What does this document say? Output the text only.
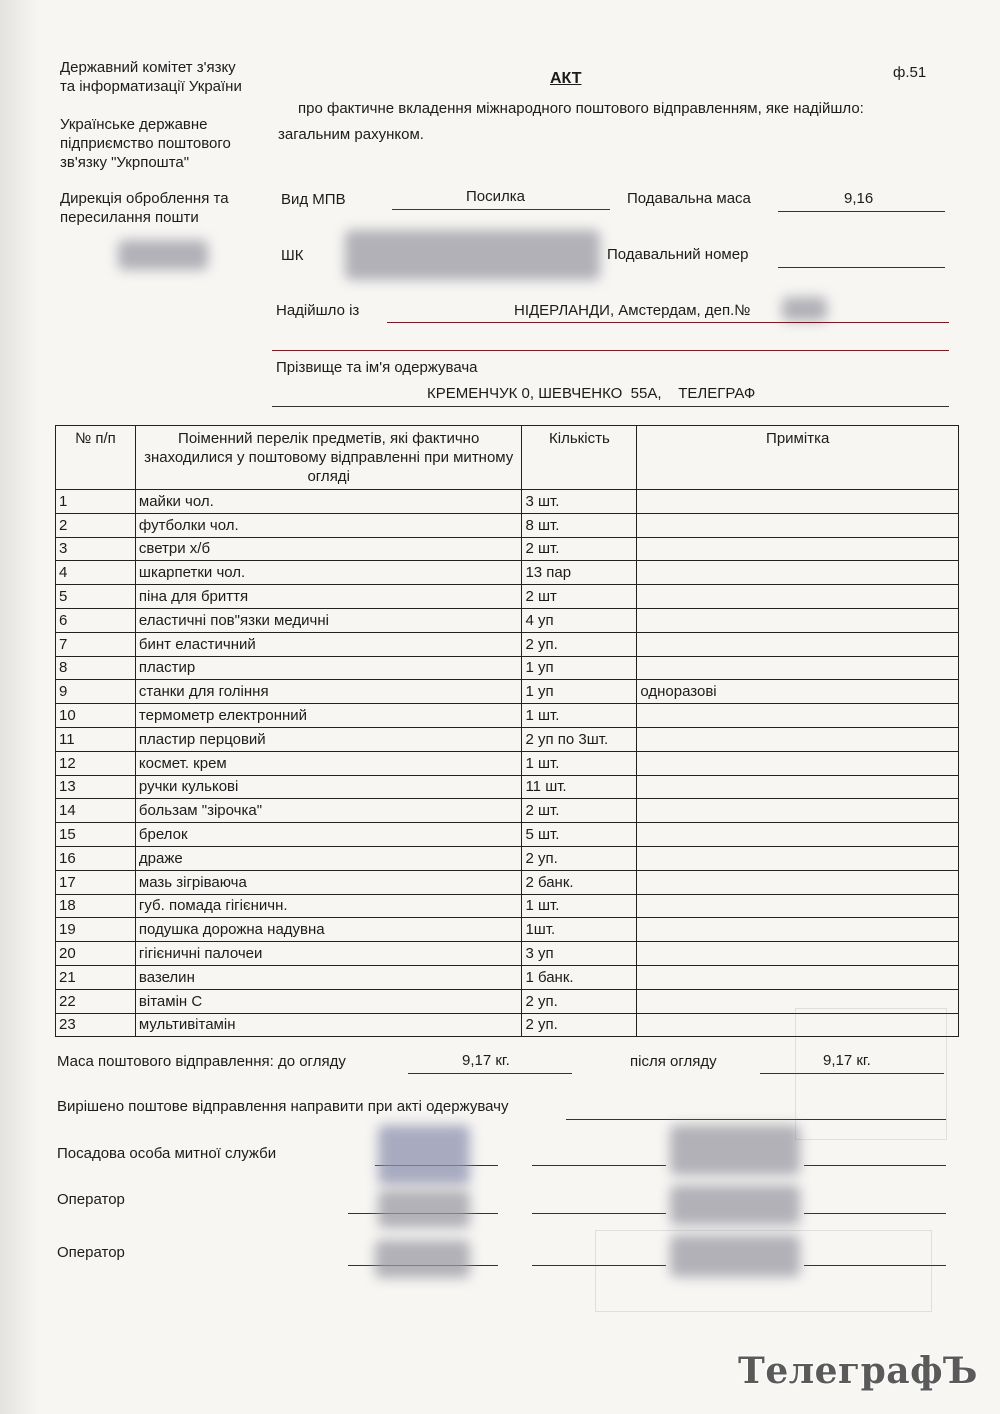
Державний комітет з'язку
та інформатизації України
Українське державне
підприємство поштового
зв'язку "Укрпошта"
Дирекція оброблення та
пересилання пошти
АКТ	ф.51
про фактичне вкладення міжнародного поштового відправленням, яке надійшло:
загальним рахунком.
Вид МПВ	Посилка	Подавальна маса	9,16
ШК	Подавальний номер
Надійшло із	НІДЕРЛАНДИ, Амстердам, деп.№
Прізвище та ім'я одержувача
КРЕМЕНЧУК 0, ШЕВЧЕНКО  55А,    ТЕЛЕГРАФ
№ п/п	Поіменний перелік предметів, які фактично знаходилися у поштовому відправленні при митному огляді	Кількість	Примітка
1	майки чол.	3 шт.	
2	футболки чол.	8 шт.	
3	светри х/б	2 шт.	
4	шкарпетки чол.	13 пар	
5	піна для бриття	2 шт	
6	еластичні пов"язки медичні	4 уп	
7	бинт еластичний	2 уп.	
8	пластир	1 уп	
9	станки для гоління	1 уп	одноразові
10	термометр електронний	1 шт.	
11	пластир перцовий	2 уп по 3шт.	
12	космет. крем	1 шт.	
13	ручки кулькові	11 шт.	
14	бользам "зірочка"	2 шт.	
15	брелок	5 шт.	
16	драже	2 уп.	
17	мазь зігріваюча	2 банк.	
18	губ. помада гігієничн.	1 шт.	
19	подушка дорожна надувна	1шт.	
20	гігієничні палочеи	3 уп	
21	вазелин	1 банк.	
22	вітамін С	2 уп.	
23	мультивітамін	2 уп.	
Маса поштового відправлення: до огляду	9,17 кг.	після огляду	9,17 кг.
Вирішено поштове відправлення направити при акті одержувачу
Посадова особа митної служби
Оператор
Оператор
ТелеграфЪ
